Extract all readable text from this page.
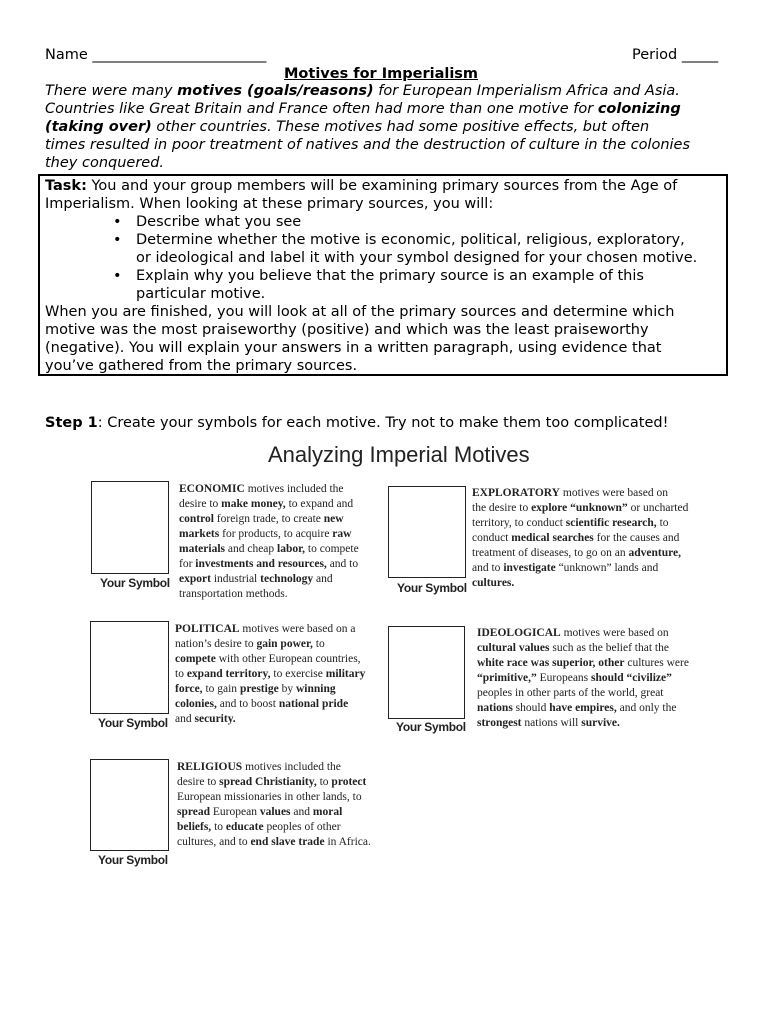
Name ________________________	Period _____
Motives for Imperialism
There were many motives (goals/reasons) for European Imperialism Africa and Asia.
Countries like Great Britain and France often had more than one motive for colonizing
(taking over) other countries. These motives had some positive effects, but often
times resulted in poor treatment of natives and the destruction of culture in the colonies
they conquered.
Task: You and your group members will be examining primary sources from the Age of
Imperialism. When looking at these primary sources, you will:
• Describe what you see
• Determine whether the motive is economic, political, religious, exploratory,
or ideological and label it with your symbol designed for your chosen motive.
• Explain why you believe that the primary source is an example of this
particular motive.
When you are finished, you will look at all of the primary sources and determine which
motive was the most praiseworthy (positive) and which was the least praiseworthy
(negative). You will explain your answers in a written paragraph, using evidence that
you’ve gathered from the primary sources.
Step 1: Create your symbols for each motive. Try not to make them too complicated!
Analyzing Imperial Motives
Your Symbol
ECONOMIC motives included the
desire to make money, to expand and
control foreign trade, to create new
markets for products, to acquire raw
materials and cheap labor, to compete
for investments and resources, and to
export industrial technology and
transportation methods.	Your Symbol
EXPLORATORY motives were based on
the desire to explore “unknown” or uncharted
territory, to conduct scientific research, to
conduct medical searches for the causes and
treatment of diseases, to go on an adventure,
and to investigate “unknown” lands and
cultures.
Your Symbol
POLITICAL motives were based on a
nation’s desire to gain power, to
compete with other European countries,
to expand territory, to exercise military
force, to gain prestige by winning
colonies, and to boost national pride
and security.
Your Symbol
IDEOLOGICAL motives were based on
cultural values such as the belief that the
white race was superior, other cultures were
“primitive,” Europeans should “civilize”
peoples in other parts of the world, great
nations should have empires, and only the
strongest nations will survive.
Your Symbol
RELIGIOUS motives included the
desire to spread Christianity, to protect
European missionaries in other lands, to
spread European values and moral
beliefs, to educate peoples of other
cultures, and to end slave trade in Africa.
